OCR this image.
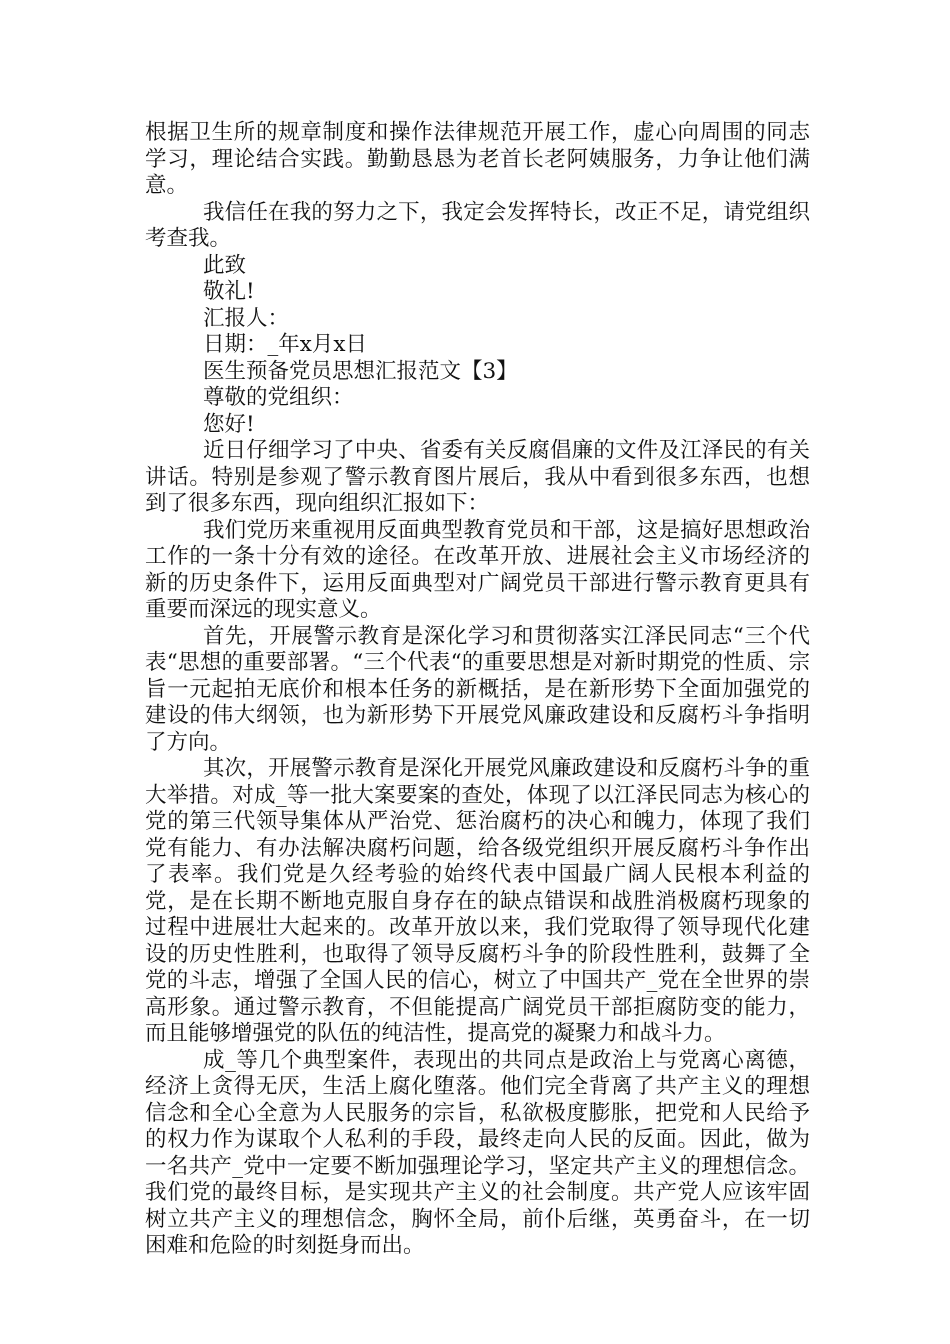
根据卫生所的规章制度和操作法律规范开展工作，虚心向周围的同志学习，理论结合实践。勤勤恳恳为老首长老阿姨服务，力争让他们满意。

我信任在我的努力之下，我定会发挥特长，改正不足，请党组织考查我。

此致

敬礼!

汇报人：

日期：_年x月x日

医生预备党员思想汇报范文【3】

尊敬的党组织：

您好!

近日仔细学习了中央、省委有关反腐倡廉的文件及江泽民的有关讲话。特别是参观了警示教育图片展后，我从中看到很多东西，也想到了很多东西，现向组织汇报如下：

我们党历来重视用反面典型教育党员和干部，这是搞好思想政治工作的一条十分有效的途径。在改革开放、进展社会主义市场经济的新的历史条件下，运用反面典型对广阔党员干部进行警示教育更具有重要而深远的现实意义。

首先，开展警示教育是深化学习和贯彻落实江泽民同志“三个代表“思想的重要部署。“三个代表“的重要思想是对新时期党的性质、宗旨一元起拍无底价和根本任务的新概括，是在新形势下全面加强党的建设的伟大纲领，也为新形势下开展党风廉政建设和反腐朽斗争指明了方向。

其次，开展警示教育是深化开展党风廉政建设和反腐朽斗争的重大举措。对成_等一批大案要案的查处，体现了以江泽民同志为核心的党的第三代领导集体从严治党、惩治腐朽的决心和魄力，体现了我们党有能力、有办法解决腐朽问题，给各级党组织开展反腐朽斗争作出了表率。我们党是久经考验的始终代表中国最广阔人民根本利益的党，是在长期不断地克服自身存在的缺点错误和战胜消极腐朽现象的过程中进展壮大起来的。改革开放以来，我们党取得了领导现代化建设的历史性胜利，也取得了领导反腐朽斗争的阶段性胜利，鼓舞了全党的斗志，增强了全国人民的信心，树立了中国共产_党在全世界的崇高形象。通过警示教育，不但能提高广阔党员干部拒腐防变的能力，而且能够增强党的队伍的纯洁性，提高党的凝聚力和战斗力。

成_等几个典型案件，表现出的共同点是政治上与党离心离德，经济上贪得无厌，生活上腐化堕落。他们完全背离了共产主义的理想信念和全心全意为人民服务的宗旨，私欲极度膨胀，把党和人民给予的权力作为谋取个人私利的手段，最终走向人民的反面。因此，做为一名共产_党中一定要不断加强理论学习，坚定共产主义的理想信念。我们党的最终目标，是实现共产主义的社会制度。共产党人应该牢固树立共产主义的理想信念，胸怀全局，前仆后继，英勇奋斗，在一切困难和危险的时刻挺身而出。
